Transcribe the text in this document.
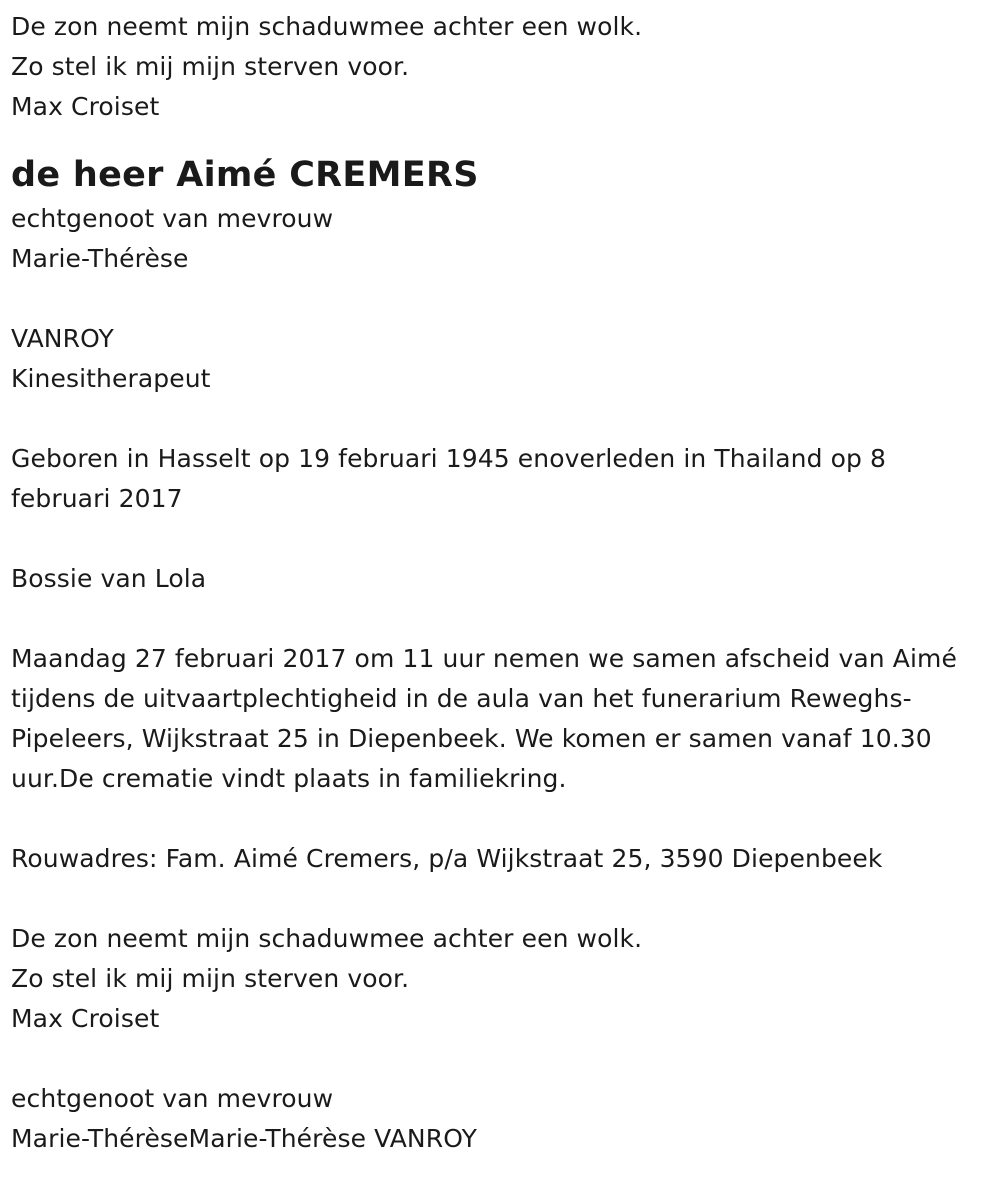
De zon neemt mijn schaduwmee achter een wolk.
Zo stel ik mij mijn sterven voor.
Max Croiset
de heer Aimé CREMERS
echtgenoot van mevrouw
Marie-Thérèse
VANROY
Kinesitherapeut
Geboren in Hasselt op 19 februari 1945 enoverleden in Thailand op 8
februari 2017
Bossie van Lola
Maandag 27 februari 2017 om 11 uur nemen we samen afscheid van Aimé
tijdens de uitvaartplechtigheid in de aula van het funerarium Reweghs-
Pipeleers, Wijkstraat 25 in Diepenbeek. We komen er samen vanaf 10.30
uur.De crematie vindt plaats in familiekring.
Rouwadres: Fam. Aimé Cremers, p/a Wijkstraat 25, 3590 Diepenbeek
De zon neemt mijn schaduwmee achter een wolk.
Zo stel ik mij mijn sterven voor.
Max Croiset
echtgenoot van mevrouw
Marie-ThérèseMarie-Thérèse VANROY
